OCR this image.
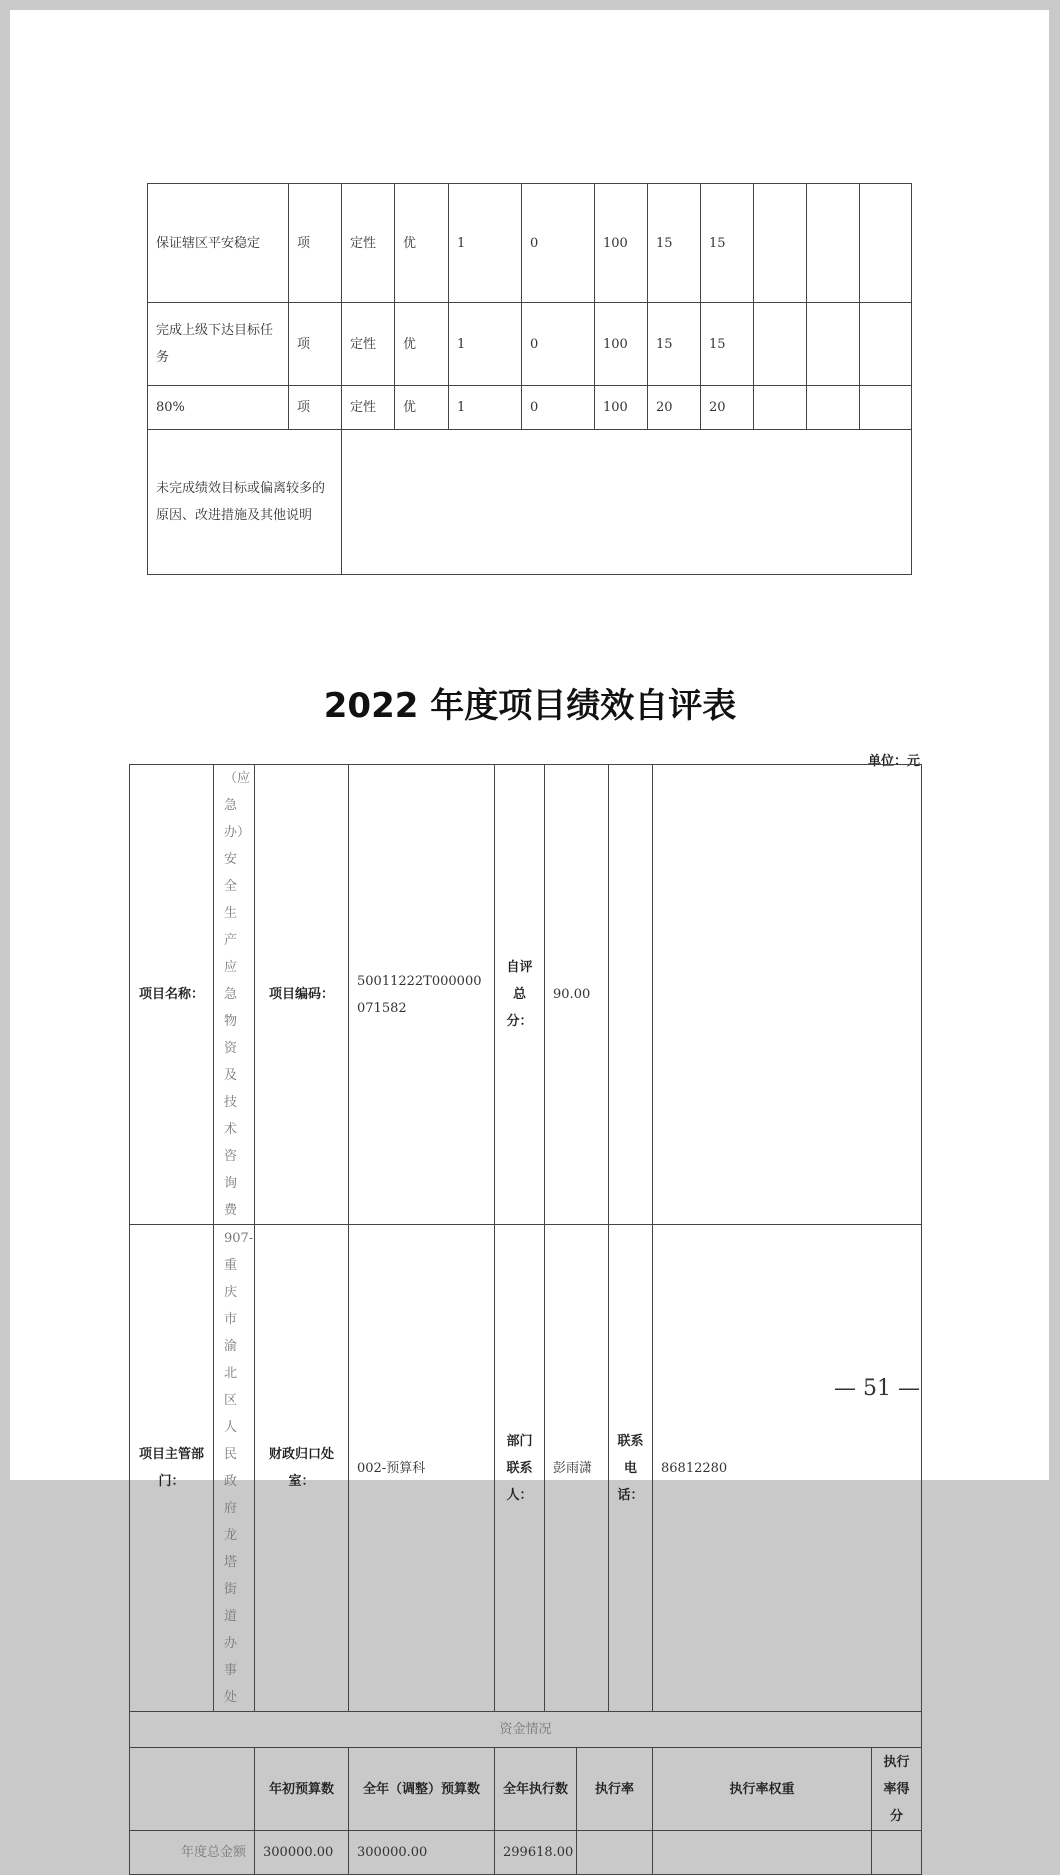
保证辖区平安稳定	项	定性	优	1	0	100	15	15			
完成上级下达目标任务	项	定性	优	1	0	100	15	15			
80%	项	定性	优	1	0	100	20	20			
未完成绩效目标或偏离较多的原因、改进措施及其他说明											
2022 年度项目绩效自评表
单位：元
项目名称：	（应急办）安全生产应急物资及技术咨询费	项目编码：	50011222T000000071582	自评总分：	90.00				
项目主管部门：	907-重庆市渝北区人民政府龙塔街道办事处	财政归口处室：	002-预算科	部门联系人：	彭雨潇		联系电话：	86812280	
资金情况									
		年初预算数	全年（调整）预算数	全年执行数		执行率		执行率权重	执行率得分
年度总金额		300000.00	300000.00	299618.00					
— 51 —
